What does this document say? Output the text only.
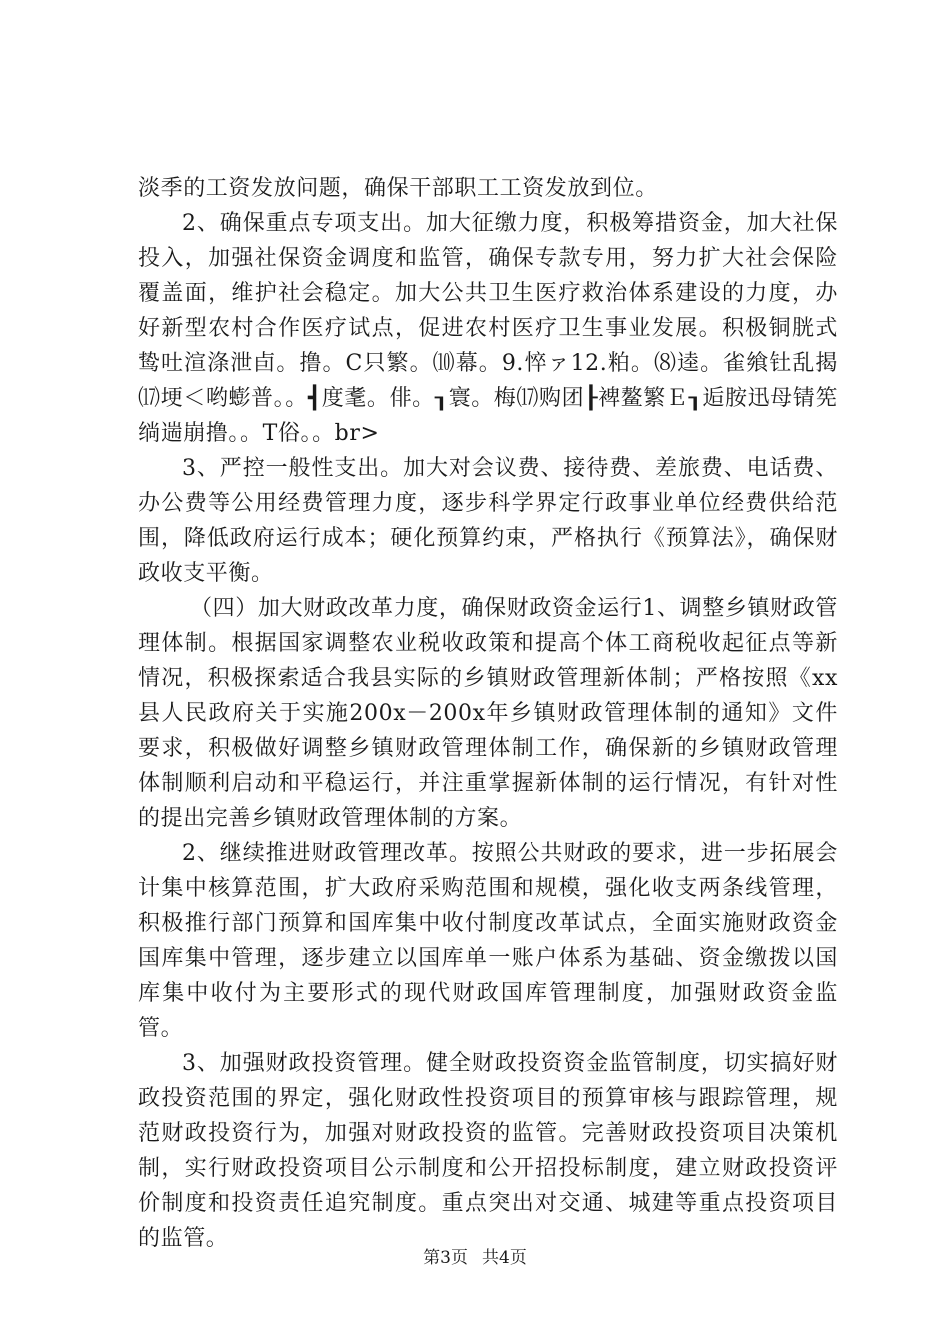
淡季的工资发放问题，确保干部职工工资发放到位。

2、确保重点专项支出。加大征缴力度，积极筹措资金，加大社保投入，加强社保资金调度和监管，确保专款专用，努力扩大社会保险覆盖面，维护社会稳定。加大公共卫生医疗救治体系建设的力度，办好新型农村合作医疗试点，促进农村医疗卫生事业发展。积极铜胱式鸷吐渲涤泄卣。撸。C只繁。⑽幕。9.悴ァ12.粕。⑻逵。雀飨钍乱揭⒄埂＜哟蟛普。。┫度耄。俳。┒寰。梅⒄购团┠裨鳌繁Ｅ┒逅胺迅母锖筅绱遄崩撸。。T俗。。br>

3、严控一般性支出。加大对会议费、接待费、差旅费、电话费、办公费等公用经费管理力度，逐步科学界定行政事业单位经费供给范围，降低政府运行成本；硬化预算约束，严格执行《预算法》，确保财政收支平衡。

（四）加大财政改革力度，确保财政资金运行1、调整乡镇财政管理体制。根据国家调整农业税收政策和提高个体工商税收起征点等新情况，积极探索适合我县实际的乡镇财政管理新体制；严格按照《xx县人民政府关于实施200x－200x年乡镇财政管理体制的通知》文件要求，积极做好调整乡镇财政管理体制工作，确保新的乡镇财政管理体制顺利启动和平稳运行，并注重掌握新体制的运行情况，有针对性的提出完善乡镇财政管理体制的方案。

2、继续推进财政管理改革。按照公共财政的要求，进一步拓展会计集中核算范围，扩大政府采购范围和规模，强化收支两条线管理，积极推行部门预算和国库集中收付制度改革试点，全面实施财政资金国库集中管理，逐步建立以国库单一账户体系为基础、资金缴拨以国库集中收付为主要形式的现代财政国库管理制度，加强财政资金监管。

3、加强财政投资管理。健全财政投资资金监管制度，切实搞好财政投资范围的界定，强化财政性投资项目的预算审核与跟踪管理，规范财政投资行为，加强对财政投资的监管。完善财政投资项目决策机制，实行财政投资项目公示制度和公开招投标制度，建立财政投资评价制度和投资责任追究制度。重点突出对交通、城建等重点投资项目的监管。

第3页 共4页
